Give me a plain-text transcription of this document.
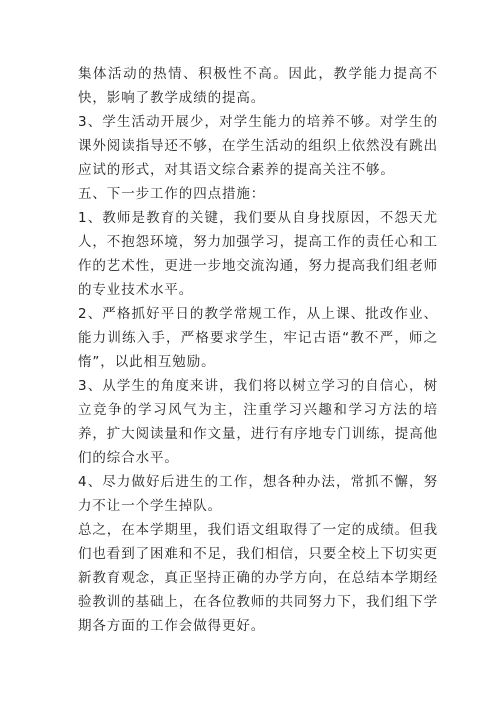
集体活动的热情、积极性不高。因此，教学能力提高不快，影响了教学成绩的提高。

3、学生活动开展少，对学生能力的培养不够。对学生的课外阅读指导还不够，在学生活动的组织上依然没有跳出应试的形式，对其语文综合素养的提高关注不够。

五、下一步工作的四点措施：

1、教师是教育的关键，我们要从自身找原因，不怨天尤人，不抱怨环境，努力加强学习，提高工作的责任心和工作的艺术性，更进一步地交流沟通，努力提高我们组老师的专业技术水平。

2、严格抓好平日的教学常规工作，从上课、批改作业、能力训练入手，严格要求学生，牢记古语“教不严，师之惰”，以此相互勉励。

3、从学生的角度来讲，我们将以树立学习的自信心，树立竞争的学习风气为主，注重学习兴趣和学习方法的培养，扩大阅读量和作文量，进行有序地专门训练，提高他们的综合水平。

4、尽力做好后进生的工作，想各种办法，常抓不懈，努力不让一个学生掉队。

总之，在本学期里，我们语文组取得了一定的成绩。但我们也看到了困难和不足，我们相信，只要全校上下切实更新教育观念，真正坚持正确的办学方向，在总结本学期经验教训的基础上，在各位教师的共同努力下，我们组下学期各方面的工作会做得更好。
